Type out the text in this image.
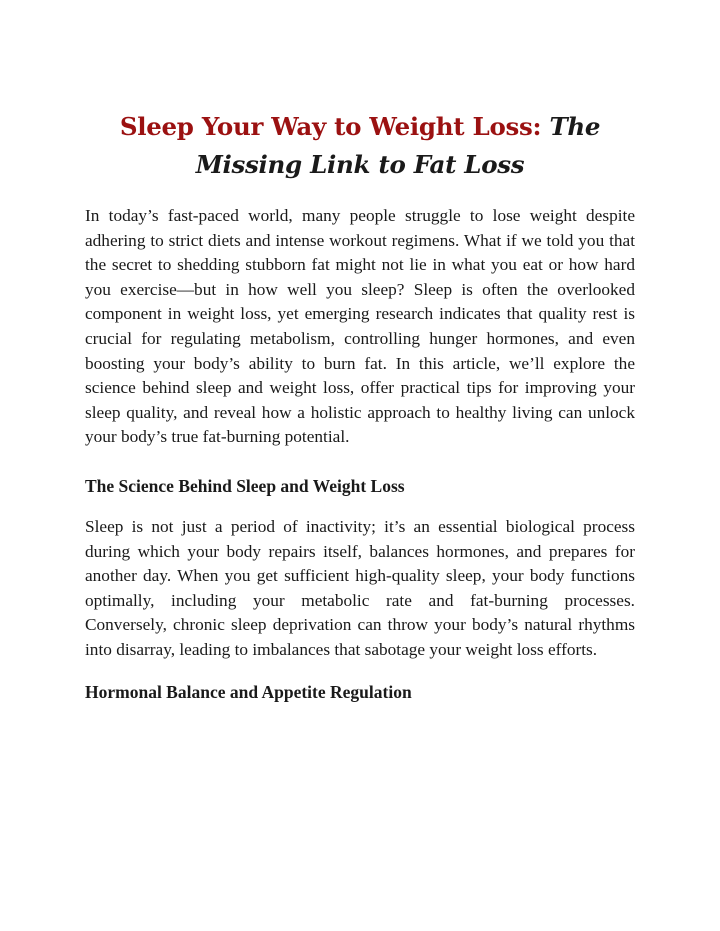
Sleep Your Way to Weight Loss: The Missing Link to Fat Loss

In today’s fast-paced world, many people struggle to lose weight despite adhering to strict diets and intense workout regimens. What if we told you that the secret to shedding stubborn fat might not lie in what you eat or how hard you exercise—but in how well you sleep? Sleep is often the overlooked component in weight loss, yet emerging research indicates that quality rest is crucial for regulating metabolism, controlling hunger hormones, and even boosting your body’s ability to burn fat. In this article, we’ll explore the science behind sleep and weight loss, offer practical tips for improving your sleep quality, and reveal how a holistic approach to healthy living can unlock your body’s true fat-burning potential.

The Science Behind Sleep and Weight Loss

Sleep is not just a period of inactivity; it’s an essential biological process during which your body repairs itself, balances hormones, and prepares for another day. When you get sufficient high-quality sleep, your body functions optimally, including your metabolic rate and fat-burning processes. Conversely, chronic sleep deprivation can throw your body’s natural rhythms into disarray, leading to imbalances that sabotage your weight loss efforts.

Hormonal Balance and Appetite Regulation
